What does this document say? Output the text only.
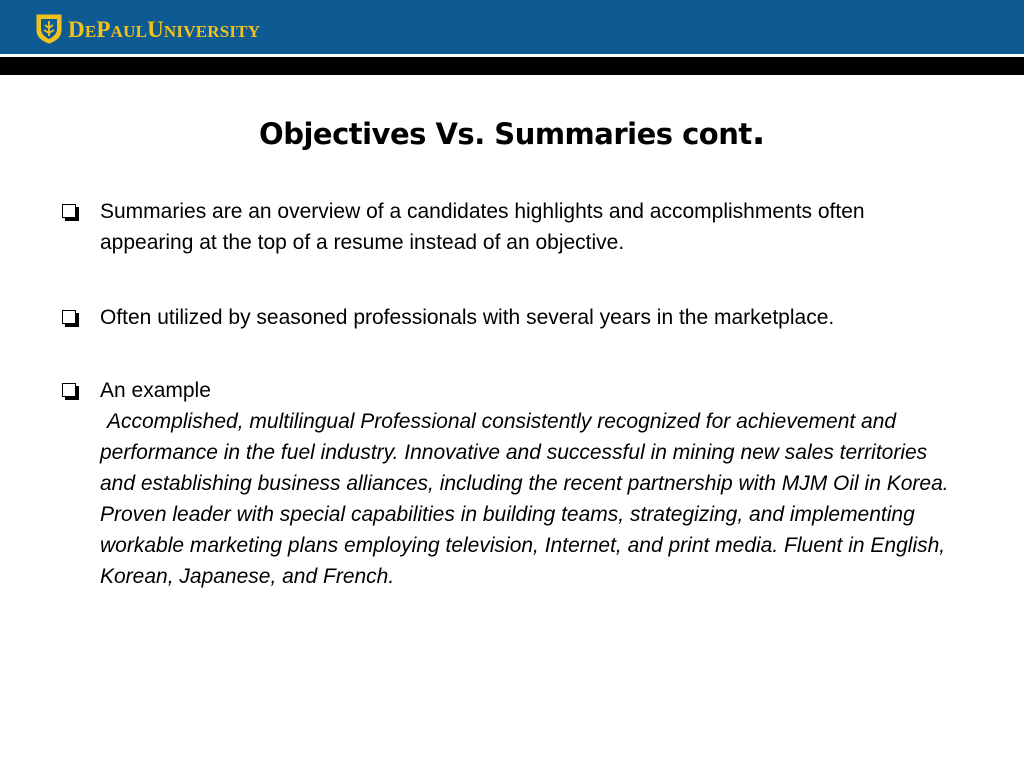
DEPAULUNIVERSITY
Objectives Vs. Summaries cont.
Summaries are an overview of a candidates highlights and accomplishments often appearing at the top of a resume instead of an objective.
Often utilized by seasoned professionals with several years in the marketplace.
An example
Accomplished, multilingual Professional consistently recognized for achievement and performance in the fuel industry. Innovative and successful in mining new sales territories and establishing business alliances, including the recent partnership with MJM Oil in Korea. Proven leader with special capabilities in building teams, strategizing, and implementing workable marketing plans employing television, Internet, and print media. Fluent in English, Korean, Japanese, and French.
